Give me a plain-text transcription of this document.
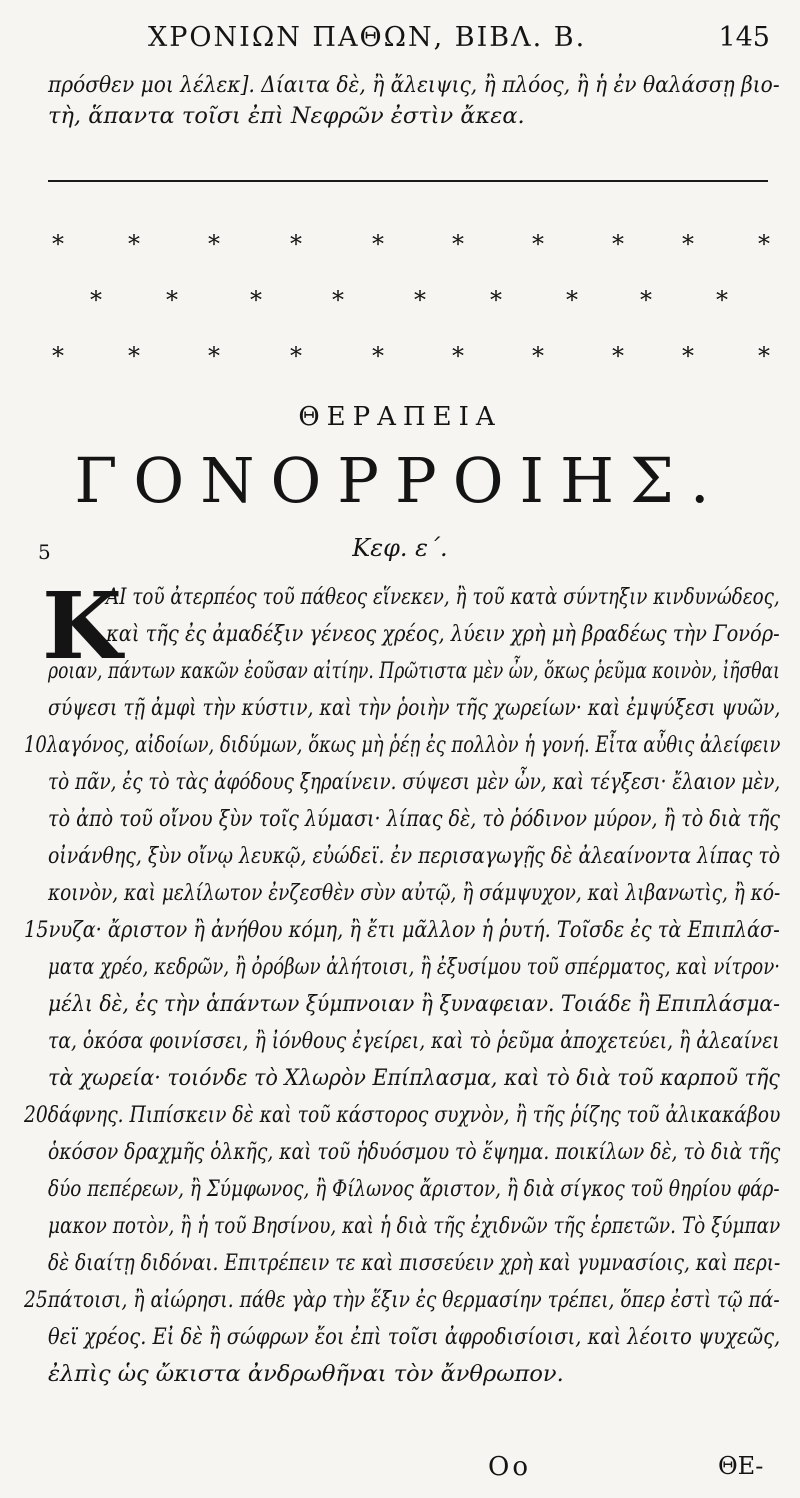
ΧΡΟΝΙΩΝ ΠΑΘΩΝ, ΒΙΒΛ. Β.	145
πρόσθεν μοι λέλεκ]. Δίαιτα δὲ, ἢ ἄλειψις, ἢ πλόος, ἢ ἡ ἐν θαλάσσῃ βιο-
τὴ, ἅπαντα τοῖσι ἐπὶ Νεφρῶν ἐστὶν ἄκεα.
*	*	*	*	*	*	*	* *	*
*	*	*	*	*	*	*	*	*
*	*	*	*	*	*	*	* *	*
ΘΕΡΑΠΕΙΑ
ΓΟΝΟΡΡΟΙΗΣ.
Κεφ. ε΄.
5
K
ΑΙ τοῦ ἀτερπέος τοῦ πάθεος εἵνεκεν, ἢ τοῦ κατὰ σύντηξιν κινδυνώδεος,
καὶ τῆς ἐς ἀμαδέξιν γένεος χρέος, λύειν χρὴ μὴ βραδέως τὴν Γονόρ-
ροιαν, πάντων κακῶν ἐοῦσαν αἰτίην. Πρῶτιστα μὲν ὦν, ὅκως ῥεῦμα κοινὸν, ἰῆσθαι
σύψεσι τῇ ἀμφὶ τὴν κύστιν, καὶ τὴν ῥοιὴν τῆς χωρείων· καὶ ἐμψύξεσι ψυῶν,
10λαγόνος, αἰδοίων, διδύμων, ὅκως μὴ ῥέῃ ἐς πολλὸν ἡ γονή. Εἶτα αὖθις ἀλείφειν
τὸ πᾶν, ἐς τὸ τὰς ἀφόδους ξηραίνειν. σύψεσι μὲν ὦν, καὶ τέγξεσι· ἔλαιον μὲν,
τὸ ἀπὸ τοῦ οἴνου ξὺν τοῖς λύμασι· λίπας δὲ, τὸ ῥόδινον μύρον, ἢ τὸ διὰ τῆς
οἰνάνθης, ξὺν οἴνῳ λευκῷ, εὐώδεϊ. ἐν περισαγωγῇς δὲ ἀλεαίνοντα λίπας τὸ
κοινὸν, καὶ μελίλωτον ἐνζεσθὲν σὺν αὐτῷ, ἢ σάμψυχον, καὶ λιβανωτὶς, ἢ κό-
15νυζα· ἄριστον ἢ ἀνήθου κόμη, ἢ ἔτι μᾶλλον ἡ ῥυτή. Τοῖσδε ἐς τὰ Επιπλάσ-
ματα χρέο, κεδρῶν, ἢ ὀρόβων ἀλήτοισι, ἢ ἐξυσίμου τοῦ σπέρματος, καὶ νίτρον·
μέλι δὲ, ἐς τὴν ἁπάντων ξύμπνοιαν ἢ ξυναφειαν. Τοιάδε ἢ Επιπλάσμα-
τα, ὁκόσα φοινίσσει, ἢ ἰόνθους ἐγείρει, καὶ τὸ ῥεῦμα ἀποχετεύει, ἢ ἀλεαίνει
τὰ χωρεία· τοιόνδε τὸ Χλωρὸν Επίπλασμα, καὶ τὸ διὰ τοῦ καρποῦ τῆς
20δάφνης. Πιπίσκειν δὲ καὶ τοῦ κάστορος συχνὸν, ἢ τῆς ῥίζης τοῦ ἀλικακάβου
ὁκόσον δραχμῆς ὁλκῆς, καὶ τοῦ ἡδυόσμου τὸ ἕψημα. ποικίλων δὲ, τὸ διὰ τῆς
δύο πεπέρεων, ἢ Σύμφωνος, ἢ Φίλωνος ἄριστον, ἢ διὰ σίγκος τοῦ θηρίου φάρ-
μακον ποτὸν, ἢ ἡ τοῦ Βησίνου, καὶ ἡ διὰ τῆς ἐχιδνῶν τῆς ἑρπετῶν. Τὸ ξύμπαν
δὲ διαίτῃ διδόναι. Επιτρέπειν τε καὶ πισσεύειν χρὴ καὶ γυμνασίοις, καὶ περι-
25πάτοισι, ἢ αἰώρησι. πάθε γὰρ τὴν ἕξιν ἐς θερμασίην τρέπει, ὅπερ ἐστὶ τῷ πά-
θεϊ χρέος. Εἰ δὲ ἢ σώφρων ἔοι ἐπὶ τοῖσι ἀφροδισίοισι, καὶ λέοιτο ψυχεῶς,
ἐλπὶς ὡς ὤκιστα ἀνδρωθῆναι τὸν ἄνθρωπον.
Oo	ΘΕ-
